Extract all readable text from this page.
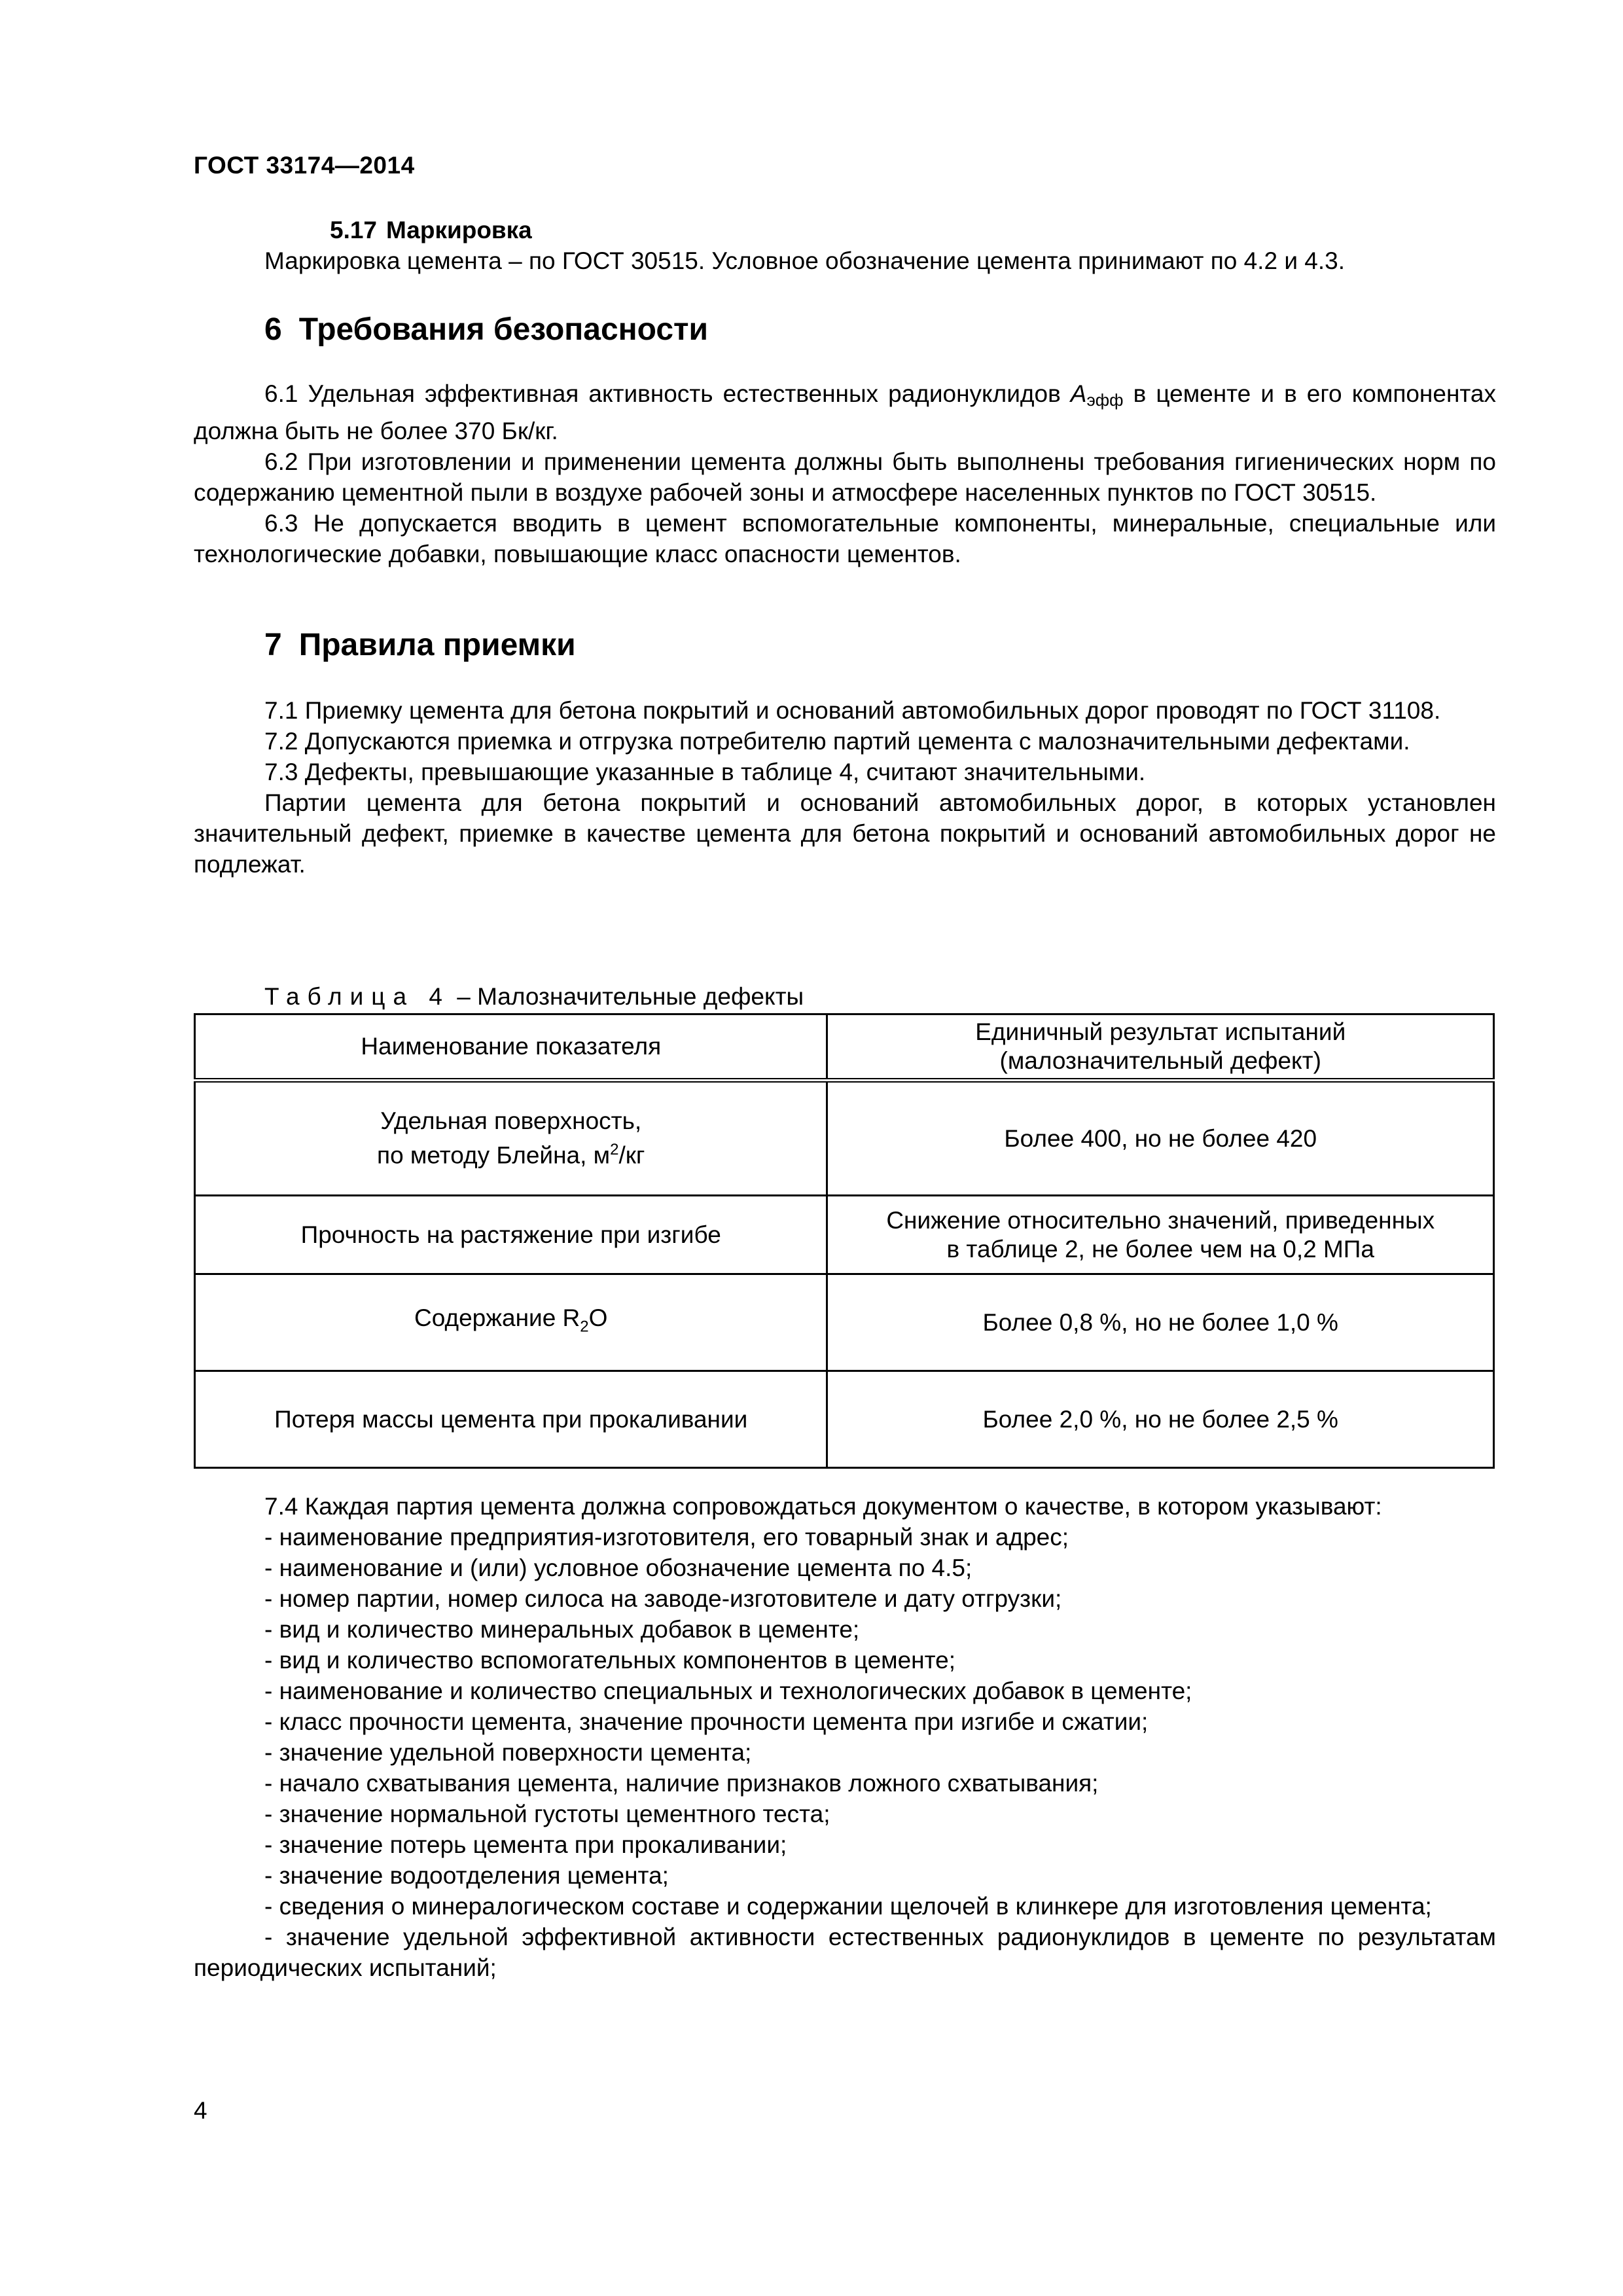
ГОСТ 33174—2014
5.17 Маркировка
Маркировка цемента – по ГОСТ 30515. Условное обозначение цемента принимают по 4.2 и 4.3.
6 Требования безопасности
6.1 Удельная эффективная активность естественных радионуклидов Aэфф в цементе и в его компонентах должна быть не более 370 Бк/кг.
6.2 При изготовлении и применении цемента должны быть выполнены требования гигиенических норм по содержанию цементной пыли в воздухе рабочей зоны и атмосфере населенных пунктов по ГОСТ 30515.
6.3 Не допускается вводить в цемент вспомогательные компоненты, минеральные, специальные или технологические добавки, повышающие класс опасности цементов.
7 Правила приемки
7.1 Приемку цемента для бетона покрытий и оснований автомобильных дорог проводят по ГОСТ 31108.
7.2 Допускаются приемка и отгрузка потребителю партий цемента с малозначительными дефектами.
7.3 Дефекты, превышающие указанные в таблице 4, считают значительными.
Партии цемента для бетона покрытий и оснований автомобильных дорог, в которых установлен значительный дефект, приемке в качестве цемента для бетона покрытий и оснований автомобильных дорог не подлежат.
Таблица 4 – Малозначительные дефекты
Наименование показателя	Единичный результат испытаний
(малозначительный дефект)
Удельная поверхность,
по методу Блейна, $м^2/кг$	Более 400, но не более 420
Прочность на растяжение при изгибе	Снижение относительно значений, приведенных
в таблице 2, не более чем на 0,2 МПа
Содержание $R_2O$	Более 0,8 %, но не более 1,0 %
Потеря массы цемента при прокаливании	Более 2,0 %, но не более 2,5 %
7.4 Каждая партия цемента должна сопровождаться документом о качестве, в котором указывают:
- наименование предприятия-изготовителя, его товарный знак и адрес;
- наименование и (или) условное обозначение цемента по 4.5;
- номер партии, номер силоса на заводе-изготовителе и дату отгрузки;
- вид и количество минеральных добавок в цементе;
- вид и количество вспомогательных компонентов в цементе;
- наименование и количество специальных и технологических добавок в цементе;
- класс прочности цемента, значение прочности цемента при изгибе и сжатии;
- значение удельной поверхности цемента;
- начало схватывания цемента, наличие признаков ложного схватывания;
- значение нормальной густоты цементного теста;
- значение потерь цемента при прокаливании;
- значение водоотделения цемента;
- сведения о минералогическом составе и содержании щелочей в клинкере для изготовления цемента;
- значение удельной эффективной активности естественных радионуклидов в цементе по результатам периодических испытаний;
4
